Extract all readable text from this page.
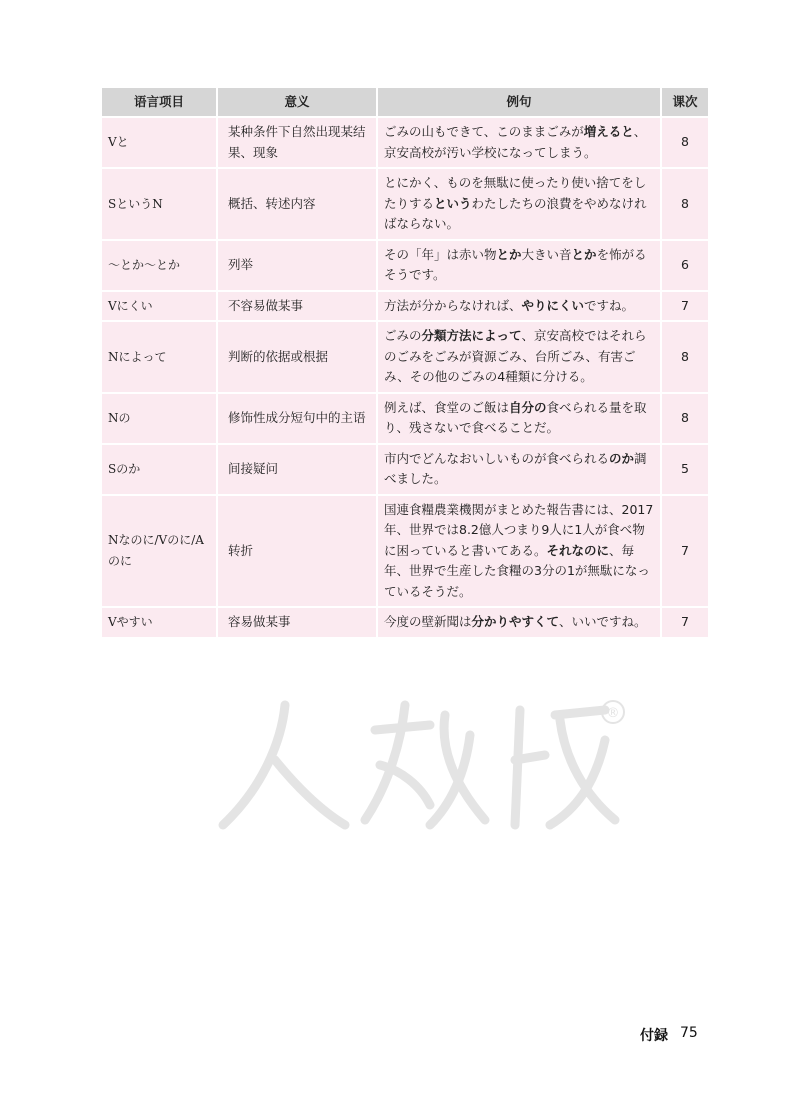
语言项目	意义	例句	课次
Vと	某种条件下自然出现某结果、现象	ごみの山もできて、このままごみが増えると、京安高校が汚い学校になってしまう。	8
SというN	概括、转述内容	とにかく、ものを無駄に使ったり使い捨てをしたりするというわたしたちの浪費をやめなければならない。	8
～とか～とか	列举	その「年」は赤い物とか大きい音とかを怖がるそうです。	6
Vにくい	不容易做某事	方法が分からなければ、やりにくいですね。	7
Nによって	判断的依据或根据	ごみの分類方法によって、京安高校ではそれらのごみをごみが資源ごみ、台所ごみ、有害ごみ、その他のごみの4種類に分ける。	8
Nの	修饰性成分短句中的主语	例えば、食堂のご飯は自分の食べられる量を取り、残さないで食べることだ。	8
Sのか	间接疑问	市内でどんなおいしいものが食べられるのか調べました。	5
Nなのに/Vのに/Aのに	转折	国連食糧農業機関がまとめた報告書には、2017年、世界では8.2億人つまり9人に1人が食べ物に困っていると書いてある。それなのに、毎年、世界で生産した食糧の3分の1が無駄になっているそうだ。	7
Vやすい	容易做某事	今度の壁新聞は分かりやすくて、いいですね。	7
®
付録 75
